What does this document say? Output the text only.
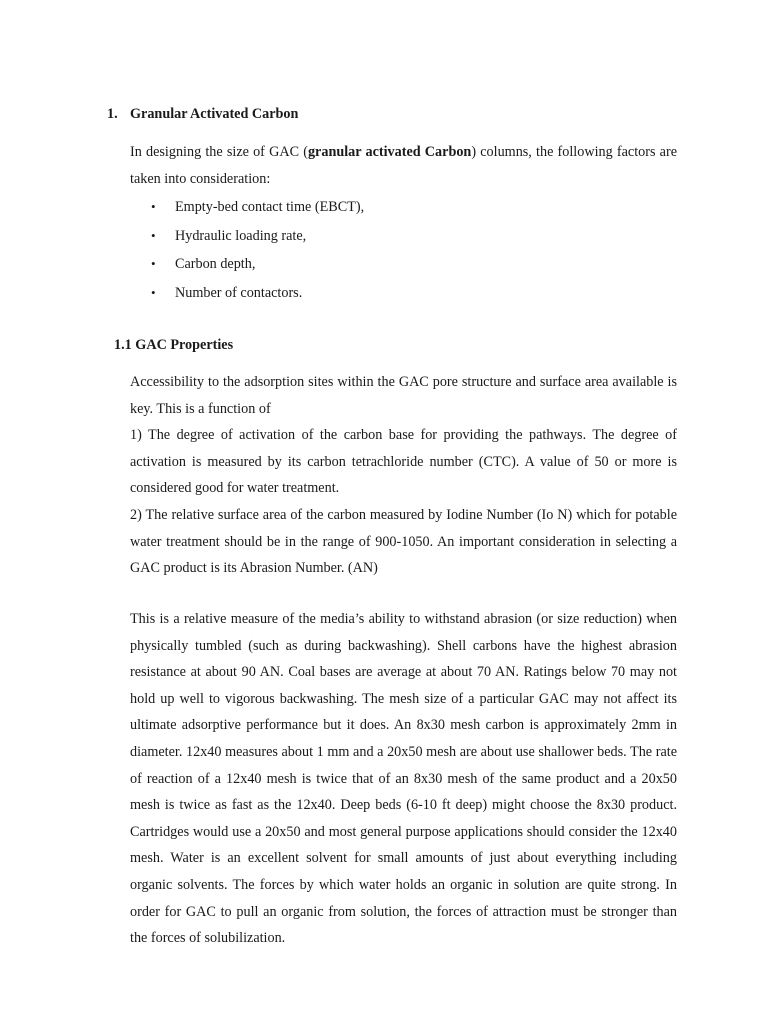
1. Granular Activated Carbon
In designing the size of GAC (granular activated Carbon) columns, the following factors are taken into consideration:
• Empty-bed contact time (EBCT),
• Hydraulic loading rate,
• Carbon depth,
• Number of contactors.
1.1 GAC Properties

Accessibility to the adsorption sites within the GAC pore structure and surface area available is key. This is a function of

1) The degree of activation of the carbon base for providing the pathways. The degree of activation is measured by its carbon tetrachloride number (CTC). A value of 50 or more is considered good for water treatment.

2) The relative surface area of the carbon measured by Iodine Number (Io N) which for potable water treatment should be in the range of 900-1050. An important consideration in selecting a GAC product is its Abrasion Number. (AN)

This is a relative measure of the media’s ability to withstand abrasion (or size reduction) when physically tumbled (such as during backwashing). Shell carbons have the highest abrasion resistance at about 90 AN. Coal bases are average at about 70 AN. Ratings below 70 may not hold up well to vigorous backwashing. The mesh size of a particular GAC may not affect its ultimate adsorptive performance but it does. An 8x30 mesh carbon is approximately 2mm in diameter. 12x40 measures about 1 mm and a 20x50 mesh are about use shallower beds. The rate of reaction of a 12x40 mesh is twice that of an 8x30 mesh of the same product and a 20x50 mesh is twice as fast as the 12x40. Deep beds (6-10 ft deep) might choose the 8x30 product. Cartridges would use a 20x50 and most general purpose applications should consider the 12x40 mesh. Water is an excellent solvent for small amounts of just about everything including organic solvents. The forces by which water holds an organic in solution are quite strong. In order for GAC to pull an organic from solution, the forces of attraction must be stronger than the forces of solubilization.
